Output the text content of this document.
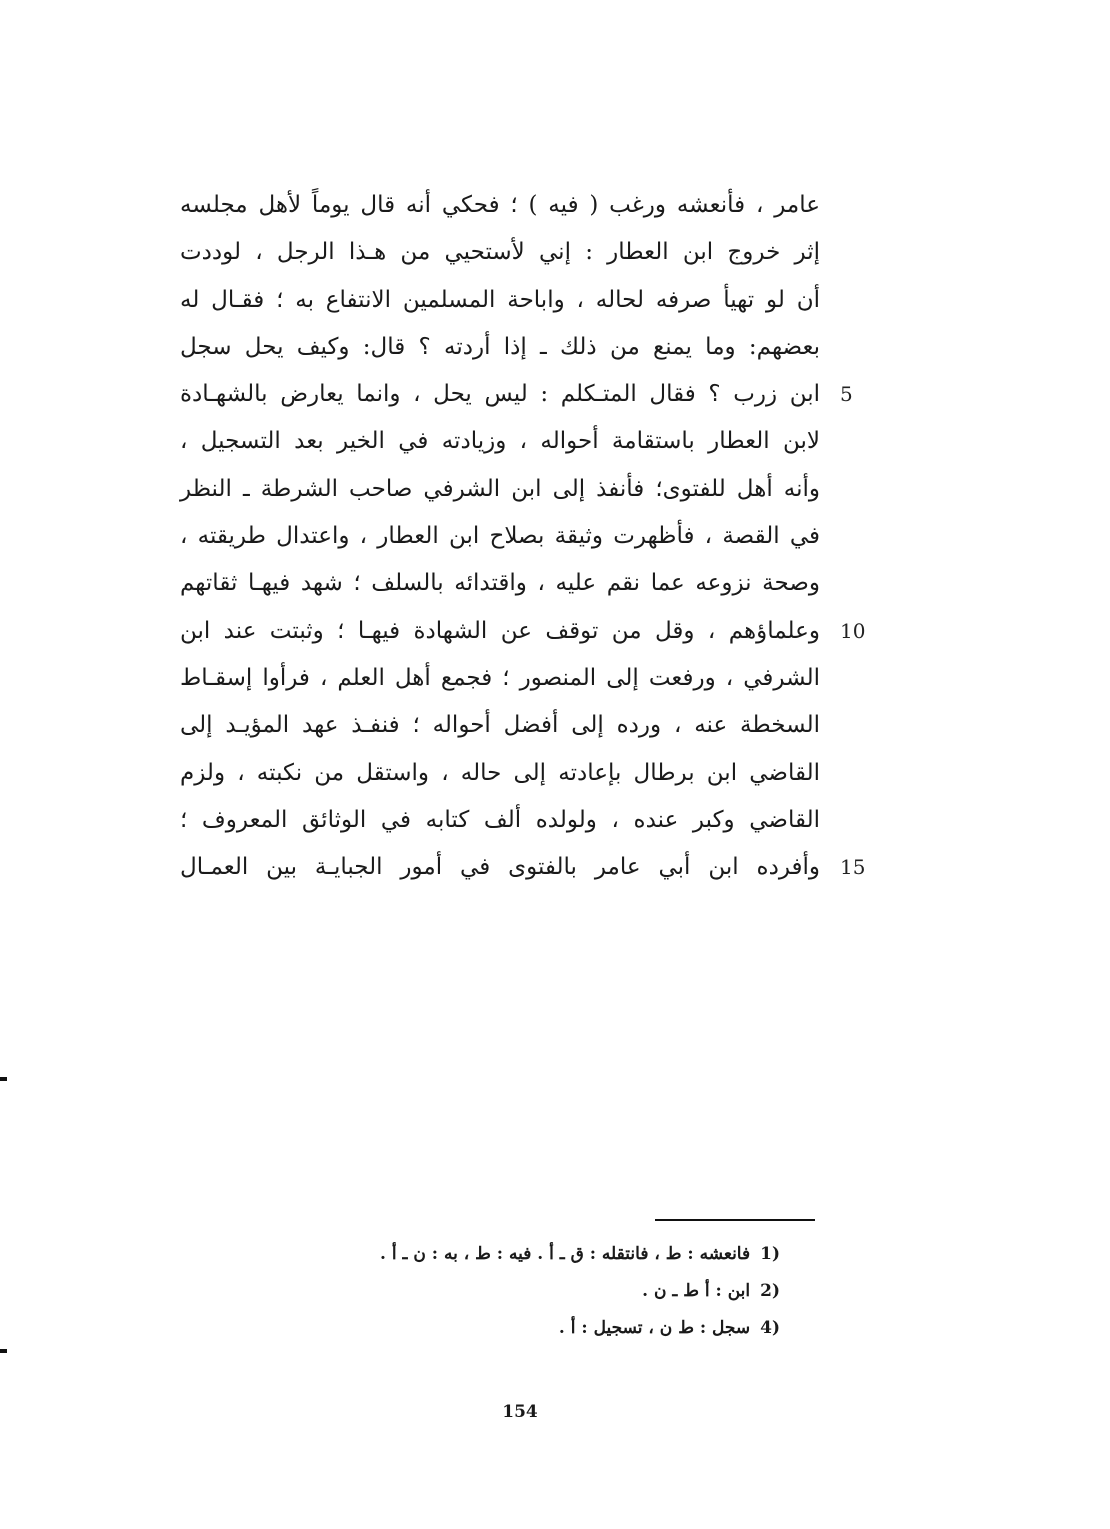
عامر ، فأنعشه ورغب ( فيه ) ؛ فحكي أنه قال يوماً لأهل مجلسه
إثر خروج ابن العطار : إني لأستحيي من هـذا الرجل ، لوددت
أن لو تهيأ صرفه لحاله ، واباحة المسلمين الانتفاع به ؛ فقـال له
بعضهم: وما يمنع من ذلك ـ إذا أردته ؟ قال: وكيف يحل سجل
ابن زرب ؟ فقال المتـكلم : ليس يحل ، وانما يعارض بالشهـادة 5
لابن العطار باستقامة أحواله ، وزيادته في الخير بعد التسجيل ،
وأنه أهل للفتوى؛ فأنفذ إلى ابن الشرفي صاحب الشرطة ـ النظر
في القصة ، فأظهرت وثيقة بصلاح ابن العطار ، واعتدال طريقته ،
وصحة نزوعه عما نقم عليه ، واقتدائه بالسلف ؛ شهد فيهـا ثقاتهم
وعلماؤهم ، وقل من توقف عن الشهادة فيهـا ؛ وثبتت عند ابن 10
الشرفي ، ورفعت إلى المنصور ؛ فجمع أهل العلم ، فرأوا إسقـاط
السخطة عنه ، ورده إلى أفضل أحواله ؛ فنفـذ عهد المؤيـد إلى
القاضي ابن برطال بإعادته إلى حاله ، واستقل من نكبته ، ولزم
القاضي وكبر عنده ، ولولده ألف كتابه في الوثائق المعروف ؛
وأفرده ابن أبي عامر بالفتوى في أمور الجبايـة بين العمـال 15
1)فانعشه : ط ، فانتقله : ق ـ أ . فيه : ط ، به : ن ـ أ .
2)ابن : أ ط ـ ن .
4)سجل : ط ن ، تسجيل : أ .
154
